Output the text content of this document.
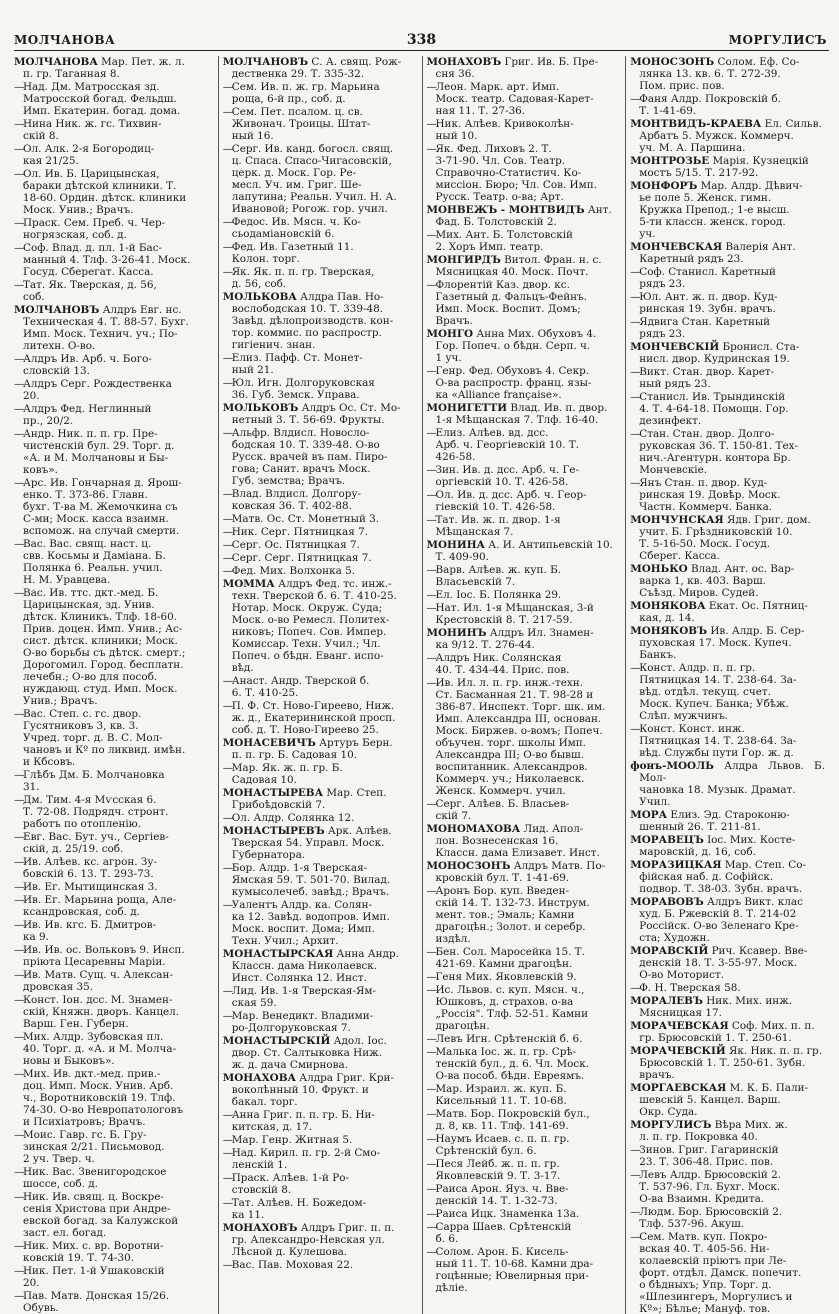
МОЛЧАНОВА	338	МОРГУЛИСЪ
МОЛЧАНОВА Мар. Пет. ж. л.
п. гр. Таганная 8.
—Над. Дм. Матросская зд.
Матросской богад. Фельдш.
Имп. Екатерин. богад. дома.
—Нина Ник. ж. гс. Тихвин-
скій 8.
—Ол. Алк. 2-я Богородиц-
кая 21/25.
—Ол. Ив. Б. Царицынская,
бараки дѣтской клиники. Т.
18-60. Ордин. дѣтск. клиники
Моск. Унив.; Врачъ.
—Праск. Сем. Преб. ч. Чер-
ногрязская, соб. д.
—Соф. Влад. д. пл. 1-й Бас-
манный 4. Тлф. 3-26-41. Моск.
Госуд. Сберегат. Касса.
—Тат. Як. Тверская, д. 56,
соб.
МОЛЧАНОВЪ Алдръ Евг. нс.
Техническая 4. Т. 88-57. Бухг.
Имп. Моск. Технич. уч.; По-
литехн. О-во.
—Алдръ Ив. Арб. ч. Бого-
словскій 13.
—Алдръ Серг. Рождественка
20.
—Алдръ Фед. Неглинный
пр., 20/2.
—Андр. Ник. п. п. гр. Пре-
чистенскій бул. 29. Торг. д.
«А. и М. Молчановы и Бы-
ковъ».
—Арс. Ив. Гончарная д. Ярош-
енко. Т. 373-86. Главн.
бухг. Т-ва М. Жемочкина съ
С-ми; Моск. касса взаимн.
вспомож. на случай смерти.
—Вас. Вас. свящ. наст. ц.
свв. Косьмы и Даміана. Б.
Полянка 6. Реальн. учил.
Н. М. Уравцева.
—Вас. Ив. ттс. дкт.-мед. Б.
Царицынская, зд. Унив.
дѣтск. Клиникъ. Тлф. 18-60.
Прив. доцен. Имп. Унив.; Ас-
сист. дѣтск. клиники; Моск.
О-во борьбы съ дѣтск. смерт.;
Дорогомил. Город. бесплатн.
лечебн.; О-во для пособ.
нуждающ. студ. Имп. Моск.
Унив.; Врачъ.
—Вас. Степ. с. гс. двор.
Гусятниковъ 3, кв. 3.
Учред. торг. д. В. С. Мол-
чановъ и Кº по ликвид. имѣн.
и Кбсовъ.
—Глѣбъ Дм. Б. Молчановка
31.
—Дм. Тим. 4-я Мѵсская 6.
Т. 72-08. Подрядч. стронт.
работъ по отопленію.
—Евг. Вас. Бут. уч., Сергіев-
скій, д. 25/19. соб.
—Ив. Алѣев. кс. агрон. Зу-
бовскій 6. 13. Т. 293-73.
—Ив. Ег. Мытищинская 3.
—Ив. Ег. Марьина роща, Але-
ксандровская, соб. д.
—Ив. Ив. кгс. Б. Дмитров-
ка 9.
—Ив. Ив. ос. Вольковъ 9. Инсп.
пріюта Цесаревны Маріи.
—Ив. Матв. Сущ. ч. Алексан-
дровская 35.
—Конст. Іон. дсс. М. Знамен-
скій, Княжн. дворъ. Канцел.
Варш. Ген. Губерн.
—Мих. Алдр. Зубовская пл.
40. Торг. д. «А. и М. Молча-
новы и Быковъ».
—Мих. Ив. дкт.-мед. прив.-
доц. Имп. Моск. Унив. Арб.
ч., Воротниковскій 19. Тлф.
74-30. О-во Невропатологовъ
и Психіатровъ; Врачъ.
—Моис. Гавр. гс. Б. Гру-
зинская 2/21. Письмовод.
2 уч. Твер. ч.
—Ник. Вас. Звенигородское
шоссе, соб. д.
—Ник. Ив. свящ. ц. Воскре-
сенія Христова при Андре-
евской богад. за Калужской
заст. ел. богад.
—Ник. Мих. с. вр. Воротни-
ковскій 19. Т. 74-30.
—Ник. Пет. 1-й Ушаковскій
20.
—Пав. Матв. Донская 15/26.
Обувь.
МОЛЧАНОВЪ С. А. свящ. Рож-
дественка 29. Т. 335-32.
—Сем. Ив. п. ж. гр. Марьина
роща, 6-й пр., соб. д.
—Сем. Пет. псалом. ц. св.
Живонач. Троицы. Штат-
ный 16.
—Серг. Ив. канд. богосл. свящ.
ц. Спаса. Спасо-Чигасовскій,
церк. д. Моск. Гор. Ре-
месл. Уч. им. Григ. Ше-
лапутина; Реальн. Учил. Н. А.
Ивановой; Рогож. гор. учил.
—Федос. Ив. Мясн. ч. Ко-
сьодаміановскій 6.
—Фед. Ив. Газетный 11.
Колон. торг.
—Як. Як. п. п. гр. Тверская,
д. 56, соб.
МОЛЬКОВА Алдра Пав. Но-
вослободская 10. Т. 339-48.
Завѣд. дѣлопроизводств. кон-
тор. коммис. по распростр.
гигіенич. знан.
—Елиз. Пафф. Ст. Монет-
ный 21.
—Юл. Игн. Долгоруковская
36. Губ. Земск. Управа.
МОЛЬКОВЪ Алдръ Ос. Ст. Мо-
нетный 3. Т. 56-69. Фрукты.
—Альфр. Влдисл. Новосло-
бодская 10. Т. 339-48. О-во
Русск. врачей въ пам. Пиро-
гова; Санит. врачъ Моск.
Губ. земства; Врачъ.
—Влад. Влдисл. Долгору-
ковская 36. Т. 402-88.
—Матв. Ос. Ст. Монетный 3.
—Ник. Серг. Пятницкая 7.
—Серг. Ос. Пятницкая 7.
—Серг. Серг. Пятницкая 7.
—Фед. Мих. Волхонка 5.
МОММА Алдръ Фед. тс. инж.-
техн. Тверской б. 6. Т. 410-25.
Нотар. Моск. Окруж. Суда;
Моск. о-во Ремесл. Политех-
никовъ; Попеч. Сов. Импер.
Комиссар. Техн. Учил.; Чл.
Попеч. о бѣдн. Еванг. испо-
вѣд.
—Анаст. Андр. Тверской б.
6. Т. 410-25.
—П. Ф. Ст. Ново-Гиреево, Ниж.
ж. д., Екатерининской просп.
соб. д. Т. Ново-Гиреево 25.
МОНАСЕВИЧЪ Артуръ Берн.
п. п. гр. Б. Садовая 10.
—Мар. Як. ж. п. гр. Б.
Садовая 10.
МОНАСТЫРЕВА Мар. Степ.
Грибоѣдовскій 7.
—Ол. Алдр. Солянка 12.
МОНАСТЫРЕВЪ Арк. Алѣев.
Тверская 54. Управл. Моск.
Губернатора.
—Бор. Алдр. 1-я Тверская-
Ямская 59. Т. 501-70. Вилад.
кумысолечеб. завѣд.; Врачъ.
—Уалентъ Алдр. ка. Солян-
ка 12. Завѣд. водопров. Имп.
Моск. воспит. Дома; Имп.
Техн. Учил.; Архит.
МОНАСТЫРСКАЯ Анна Андр.
Классн. дама Николаевск.
Инст. Солянка 12. Инст.
—Лид. Ив. 1-я Тверская-Ям-
ская 59.
—Мар. Венедикт. Владими-
ро-Долгоруковская 7.
МОНАСТЫРСКІЙ Адол. Іос.
двор. Ст. Салтыковка Ниж.
ж. д. дача Смирнова.
МОНАХОВА Алдра Григ. Кри-
воколѣнный 10. Фрукт. и
бакал. торг.
—Анна Григ. п. п. гр. Б. Ни-
китская, д. 17.
—Мар. Генр. Житная 5.
—Над. Кирил. п. гр. 2-й Смо-
ленскій 1.
—Праск. Алѣев. 1-й Ро-
стовскій 8.
—Тат. Алѣев. Н. Божедом-
ка 11.
МОНАХОВЪ Алдръ Григ. п. п.
гр. Александро-Невская ул.
Лѣсной д. Кулешова.
—Вас. Пав. Моховая 22.
МОНАХОВЪ Григ. Ив. Б. Пре-
сня 36.
—Леон. Марк. арт. Имп.
Моск. театр. Садовая-Карет-
ная 11. Т. 27-36.
—Ник. Алѣев. Кривоколѣн-
ный 10.
—Як. Фед. Лиховъ 2. Т.
3-71-90. Чл. Сов. Театр.
Справочно-Статистич. Ко-
миссіон. Бюро; Чл. Сов. Имп.
Русск. Театр. о-ва; Арт.
МОНВЕЖЪ - МОНТВИДЪ Ант.
Фад. Б. Толстовскій 2.
—Мих. Ант. Б. Толстовскій
2. Хоръ Имп. театр.
МОНГИРДЪ Витол. Фран. н. с.
Мясницкая 40. Моск. Почт.
—Флорентій Каз. двор. кс.
Газетный д. Фальцъ-Фейнъ.
Имп. Моск. Воспит. Домъ;
Врачъ.
МОНГО Анна Мих. Обуховъ 4.
Гор. Попеч. о бѣдн. Серп. ч.
1 уч.
—Генр. Фед. Обуховъ 4. Секр.
О-ва распростр. франц. язы-
ка «Alliance française».
МОНИГЕТТИ Влад. Ив. п. двор.
1-я Мѣщанская 7. Тлф. 16-40.
—Елиз. Алѣев. вд. дсс.
Арб. ч. Георгіевскій 10. Т.
426-58.
—Зин. Ив. д. дсс. Арб. ч. Ге-
оргіевскій 10. Т. 426-58.
—Ол. Ив. д. дсс. Арб. ч. Геор-
гіевскій 10. Т. 426-58.
—Тат. Ив. ж. п. двор. 1-я
Мѣщанская 7.
МОНИНА А. И. Антипьевскій 10.
Т. 409-90.
—Варв. Алѣев. ж. куп. Б.
Власьевскій 7.
—Ел. Іос. Б. Полянка 29.
—Нат. Ил. 1-я Мѣщанская, 3-й
Крестовскій 8. Т. 217-59.
МОНИНЪ Алдръ Ил. Знамен-
ка 9/12. Т. 276-44.
—Алдръ Ник. Солянская
40. Т. 434-44. Прис. пов.
—Ив. Ил. л. п. гр. инж.-техн.
Ст. Басманная 21. Т. 98-28 и
386-87. Инспект. Торг. шк. им.
Имп. Александра III, основан.
Моск. Биржев. о-вомъ; Попеч.
объучен. торг. школы Имп.
Александра III; О-во бывш.
воспитанник. Александров.
Коммерч. уч.; Николаевск.
Женск. Коммерч. учил.
—Серг. Алѣев. Б. Власьев-
скій 7.
МОНОМАХОВА Лид. Апол-
лон. Вознесенская 16.
Классн. дама Елизавет. Инст.
МОНОСЗОНЪ Алдръ Матв. По-
кровскій бул. Т. 1-41-69.
—Аронъ Бор. куп. Введен-
скій 14. Т. 132-73. Инструм.
мент. тов.; Эмаль; Камни
драгоцѣн.; Золот. и серебр.
издѣл.
—Бен. Сол. Маросейка 15. Т.
421-69. Камни драгоцѣн.
—Геня Мих. Яковлевскій 9.
—Ис. Львов. с. куп. Мясн. ч.,
Юшковъ, д. страхов. о-ва
„Россія". Тлф. 52-51. Камни
драгоцѣн.
—Левъ Игн. Срѣтенскій б. 6.
—Малька Іос. ж. п. гр. Срѣ-
тенскій бул., д. 6. Чл. Моск.
О-ва пособ. бѣдн. Евреямъ.
—Мар. Израил. ж. куп. Б.
Кисельный 11. Т. 10-68.
—Матв. Бор. Покровскій бул.,
д. 8, кв. 11. Тлф. 141-69.
—Наумъ Исаев. с. п. п. гр.
Срѣтенскій бул. 6.
—Песя Лейб. ж. п. п. гр.
Яковлевскій 9. Т. 3-17.
—Раиса Арон. Яуз. ч. Вве-
денскій 14. Т. 1-32-73.
—Раиса Ицк. Знаменка 13а.
—Сарра Шаев. Срѣтенскій
б. 6.
—Солом. Арон. Б. Кисель-
ный 11. Т. 10-68. Камни дра-
гоцѣнные; Ювелирныя при-
дѣліе.
МОНОСЗОНЪ Солом. Еф. Со-
лянка 13. кв. 6. Т. 272-39.
Пом. прис. пов.
—Фаня Алдр. Покровскій б.
Т. 1-41-69.
МОНТВИДЪ-КРАЕВА Ел. Сильв.
Арбатъ 5. Мужск. Коммерч.
уч. М. А. Паршина.
МОНТРОЗЬЕ Марія. Кузнецкій
мостъ 5/15. Т. 217-92.
МОНФОРЪ Мар. Алдр. Дѣвич-
ье поле 5. Женск. гимн.
Кружка Препод.; 1-е высш.
5-ти классн. женск. город.
уч.
МОНЧЕВСКАЯ Валерія Ант.
Каретный рядъ 23.
—Соф. Станисл. Каретный
рядъ 23.
—Юл. Ант. ж. п. двор. Куд-
ринская 19. Зубн. врачъ.
—Ядвига Стан. Каретный
рядъ 23.
МОНЧЕВСКІЙ Бронисл. Ста-
нисл. двор. Кудринская 19.
—Викт. Стан. двор. Карет-
ный рядъ 23.
—Станисл. Ив. Трындинскій
4. Т. 4-64-18. Помощн. Гор.
дезинфект.
—Стан. Стан. двор. Долго-
руковская 36. Т. 150-81. Тех-
нич.-Агентурн. контора Бр.
Мончевскіе.
—Янъ Стан. п. двор. Куд-
ринская 19. Довѣр. Моск.
Частн. Коммерч. Банка.
МОНЧУНСКАЯ Ядв. Григ. дом.
учит. Б. Грѣздниковскій 10.
Т. 5-16-50. Моск. Госуд.
Сберег. Касса.
МОНЬКО Влад. Ант. ос. Вар-
варка 1, кв. 403. Варш.
Съѣзд. Миров. Судей.
МОНЯКОВА Екат. Ос. Пятниц-
кая, д. 14.
МОНЯКОВЪ Ив. Алдр. Б. Сер-
пуховская 17. Моск. Купеч.
Банкъ.
—Конст. Алдр. п. п. гр.
Пятницкая 14. Т. 238-64. За-
вѣд. отдѣл. текущ. счет.
Моск. Купеч. Банка; Убѣж.
Слѣп. мужчинъ.
—Конст. Конст. инж.
Пятницкая 14. Т. 238-64. За-
вѣд. Службы пути Гор. ж. д.
фонъ-МООЛЬ Алдра Львов. Б. Мол-
чановка 18. Музык. Драмат.
Учил.
МОРА Елиз. Эд. Староконю-
шенный 26. Т. 211-81.
МОРАВЕЦЪ Іос. Мих. Косте-
маровскій, д. 16, соб.
МОРАЗИЦКАЯ Мар. Степ. Со-
фійская наб. д. Софійск.
подвор. Т. 38-03. Зубн. врачъ.
МОРАВОВЪ Алдръ Викт. клас
худ. Б. Ржевскій 8. Т. 214-02
Россійск. О-во Зеленаго Кре-
ста; Художн.
МОРАВСКІЙ Рич. Ксавер. Вве-
денскій 18. Т. 3-55-97. Моск.
О-во Моторист.
—Ф. Н. Тверская 58.
МОРАЛЕВЪ Ник. Мих. инж.
Мясницкая 17.
МОРАЧЕВСКАЯ Соф. Мих. п. п.
гр. Брюсовскій 1. Т. 250-61.
МОРАЧЕВСКІЙ Як. Ник. п. п. гр.
Брюсовскій 1. Т. 250-61. Зубн.
врачъ.
МОРГАЕВСКАЯ М. К. Б. Пали-
шевскій 5. Канцел. Варш.
Окр. Суда.
МОРГУЛИСЪ Вѣра Мих. ж.
л. п. гр. Покровка 40.
—Зинов. Григ. Гагаринскій
23. Т. 306-48. Прис. пов.
—Левъ Алдр. Брюсовскій 2.
Т. 537-96. Гл. Бухг. Моск.
О-ва Взаимн. Кредита.
—Людм. Бор. Брюсовскій 2.
Тлф. 537-96. Акуш.
—Сем. Матв. куп. Покро-
вская 40. Т. 405-56. Ни-
колаевскій пріютъ при Ле-
форт. отдѣл. Дамск. попечит.
о бѣдныхъ; Упр. Торг. д.
«Шлезингеръ, Моргулисъ и
Кº»; Бѣлье; Мануф. тов.
